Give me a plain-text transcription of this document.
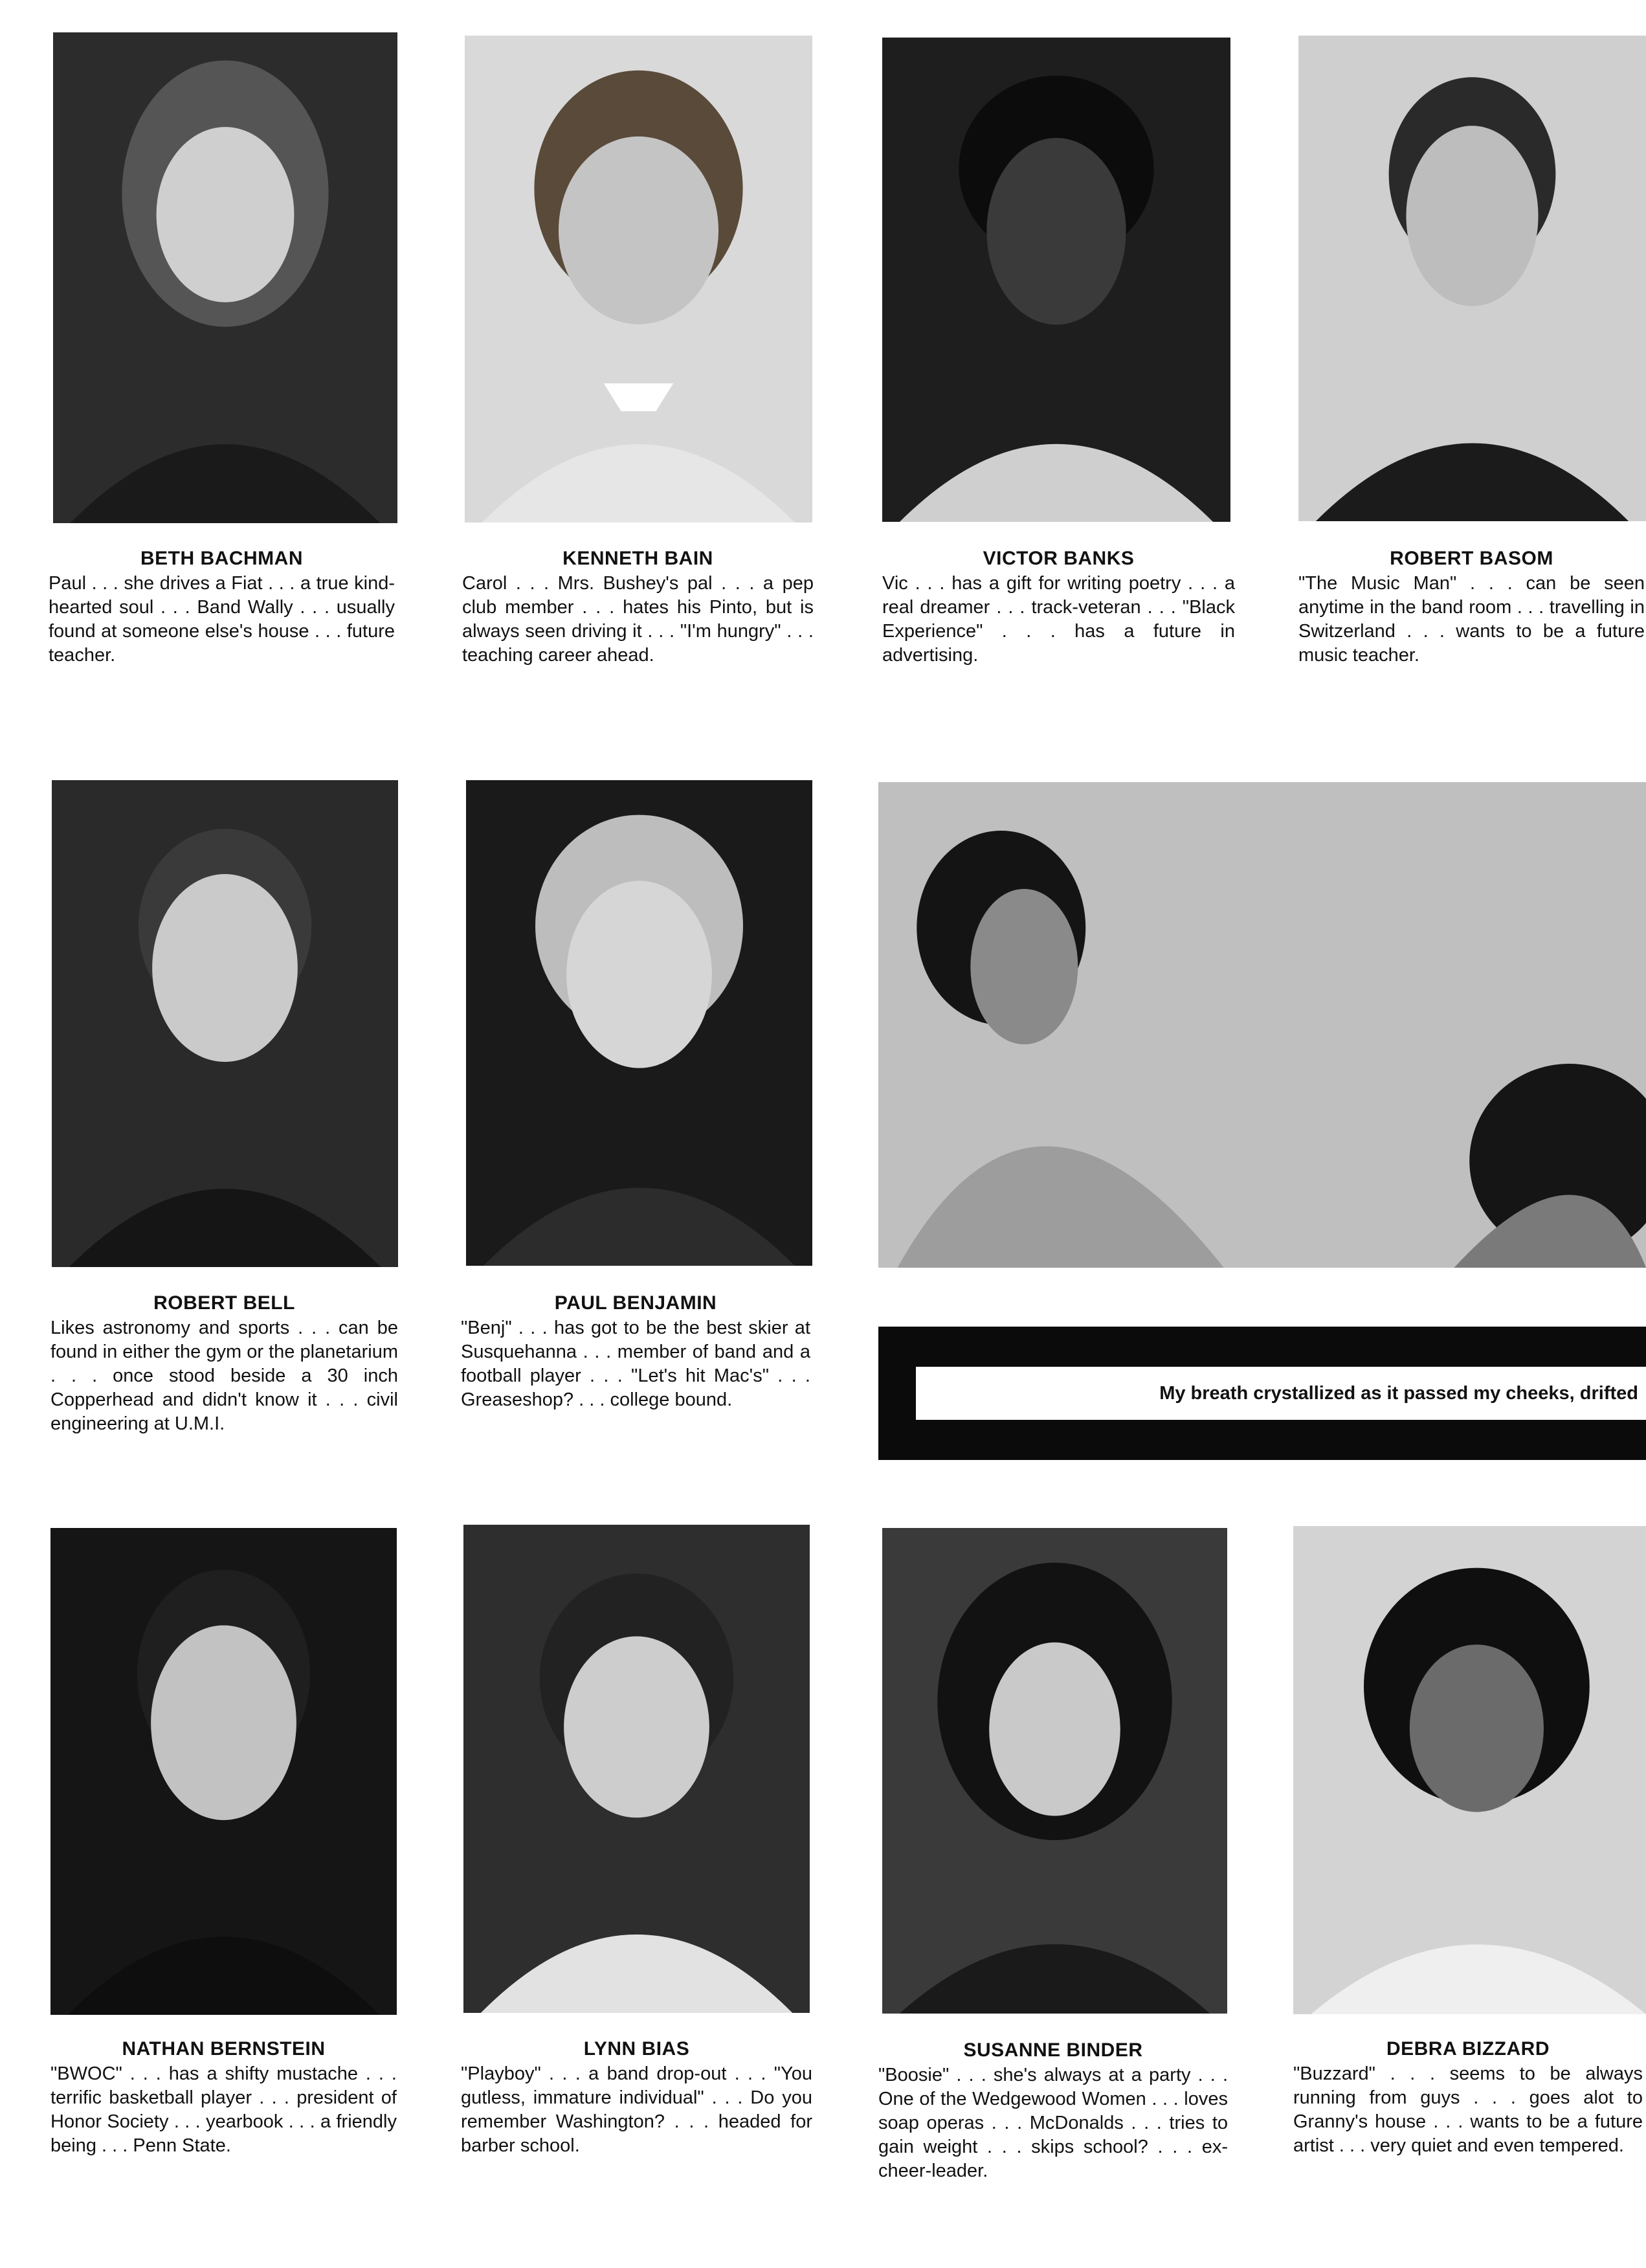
My breath crystallized as it passed my cheeks, drifted

BETH BACHMAN

Paul . . . she drives a Fiat . . . a true kind-hearted soul . . . Band Wally . . . usually found at someone else's house . . . future teacher.

KENNETH BAIN

Carol . . . Mrs. Bushey's pal . . . a pep club member . . . hates his Pinto, but is always seen driving it . . . "I'm hungry" . . . teaching career ahead.

VICTOR BANKS

Vic . . . has a gift for writing poetry . . . a real dreamer . . . track-veteran . . . "Black Experience" . . . has a future in advertising.

ROBERT BASOM

"The Music Man" . . . can be seen anytime in the band room . . . travelling in Switzerland . . . wants to be a future music teacher.

ROBERT BELL

Likes astronomy and sports . . . can be found in either the gym or the planetarium . . . once stood beside a 30 inch Copperhead and didn't know it . . . civil engineering at U.M.I.

PAUL BENJAMIN

"Benj" . . . has got to be the best skier at Susquehanna . . . member of band and a football player . . . "Let's hit Mac's" . . . Greaseshop? . . . college bound.

NATHAN BERNSTEIN

"BWOC" . . . has a shifty mustache . . . terrific basketball player . . . president of Honor Society . . . yearbook . . . a friendly being . . . Penn State.

LYNN BIAS

"Playboy" . . . a band drop-out . . . "You gutless, immature individual" . . . Do you remember Washington? . . . headed for barber school.

SUSANNE BINDER

"Boosie" . . . she's always at a party . . . One of the Wedgewood Women . . . loves soap operas . . . McDonalds . . . tries to gain weight . . . skips school? . . . ex-cheer-leader.

DEBRA BIZZARD

"Buzzard" . . . seems to be always running from guys . . . goes alot to Granny's house . . . wants to be a future artist . . . very quiet and even tempered.
